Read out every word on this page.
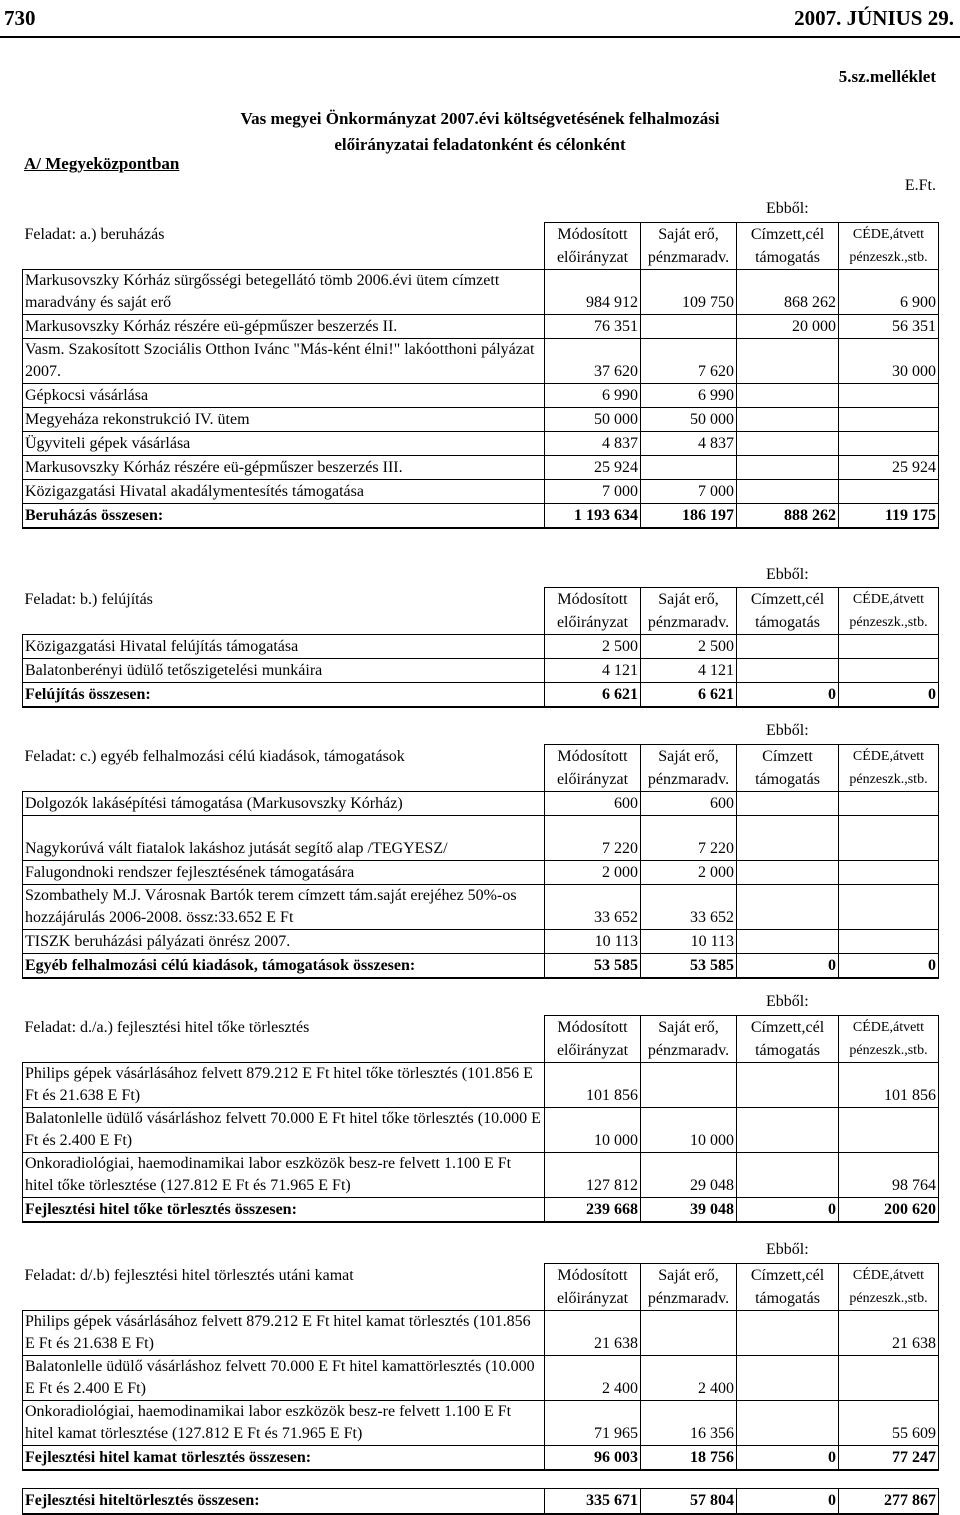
730	2007. JÚNIUS 29.
5.sz.melléklet
Vas megyei Önkormányzat 2007.évi költségvetésének felhalmozási
előirányzatai feladatonként és célonként
A/ Megyeközpontban
E.Ft.
Ebből:
Feladat: a.) beruházás	Módosított	Saját erő,	Címzett,cél	CÉDE,átvett
	előirányzat	pénzmaradv.	támogatás	pénzeszk.,stb.
Markusovszky Kórház sürgősségi betegellátó tömb 2006.évi ütem címzett maradvány és saját erő	984 912	109 750	868 262	6 900
Markusovszky Kórház részére eü-gépműszer beszerzés II.	76 351		20 000	56 351
Vasm. Szakosított Szociális Otthon Ivánc "Más-ként élni!" lakóotthoni pályázat 2007.	37 620	7 620		30 000
Gépkocsi vásárlása	6 990	6 990		
Megyeháza rekonstrukció IV. ütem	50 000	50 000		
Ügyviteli gépek vásárlása	4 837	4 837		
Markusovszky Kórház részére eü-gépműszer beszerzés III.	25 924			25 924
Közigazgatási Hivatal akadálymentesítés támogatása	7 000	7 000		
Beruházás összesen:	1 193 634	186 197	888 262	119 175
Ebből:
Feladat: b.) felújítás	Módosított	Saját erő,	Címzett,cél	CÉDE,átvett
	előirányzat	pénzmaradv.	támogatás	pénzeszk.,stb.
Közigazgatási Hivatal felújítás támogatása	2 500	2 500		
Balatonberényi üdülő tetőszigetelési munkáira	4 121	4 121		
Felújítás összesen:	6 621	6 621	0	0
Ebből:
Feladat: c.) egyéb felhalmozási célú kiadások, támogatások	Módosított	Saját erő,	Címzett	CÉDE,átvett
	előirányzat	pénzmaradv.	támogatás	pénzeszk.,stb.
Dolgozók lakásépítési támogatása (Markusovszky Kórház)	600	600		
Nagykorúvá vált fiatalok lakáshoz jutását segítő alap /TEGYESZ/	7 220	7 220		
Falugondnoki rendszer fejlesztésének támogatására	2 000	2 000		
Szombathely M.J. Városnak Bartók terem címzett tám.saját erejéhez 50%-os hozzájárulás 2006-2008. össz:33.652 E Ft	33 652	33 652		
TISZK beruházási pályázati önrész 2007.	10 113	10 113		
Egyéb felhalmozási célú kiadások, támogatások összesen:	53 585	53 585	0	0
Ebből:
Feladat: d./a.) fejlesztési hitel tőke törlesztés	Módosított	Saját erő,	Címzett,cél	CÉDE,átvett
	előirányzat	pénzmaradv.	támogatás	pénzeszk.,stb.
Philips gépek vásárlásához felvett 879.212 E Ft hitel tőke törlesztés (101.856 E Ft és 21.638 E Ft)	101 856			101 856
Balatonlelle üdülő vásárláshoz felvett 70.000 E Ft hitel tőke törlesztés (10.000 E Ft és 2.400 E Ft)	10 000	10 000		
Onkoradiológiai, haemodinamikai labor eszközök besz-re felvett 1.100 E Ft hitel tőke törlesztése (127.812 E Ft és 71.965 E Ft)	127 812	29 048		98 764
Fejlesztési hitel tőke törlesztés összesen:	239 668	39 048	0	200 620
Ebből:
Feladat: d/.b) fejlesztési hitel törlesztés utáni kamat	Módosított	Saját erő,	Címzett,cél	CÉDE,átvett
	előirányzat	pénzmaradv.	támogatás	pénzeszk.,stb.
Philips gépek vásárlásához felvett 879.212 E Ft hitel kamat törlesztés (101.856 E Ft és 21.638 E Ft)	21 638			21 638
Balatonlelle üdülő vásárláshoz felvett 70.000 E Ft hitel kamattörlesztés (10.000 E Ft és 2.400 E Ft)	2 400	2 400		
Onkoradiológiai, haemodinamikai labor eszközök besz-re felvett 1.100 E Ft hitel kamat törlesztése (127.812 E Ft és 71.965 E Ft)	71 965	16 356		55 609
Fejlesztési hitel kamat törlesztés összesen:	96 003	18 756	0	77 247
Fejlesztési hiteltörlesztés összesen:	335 671	57 804	0	277 867
